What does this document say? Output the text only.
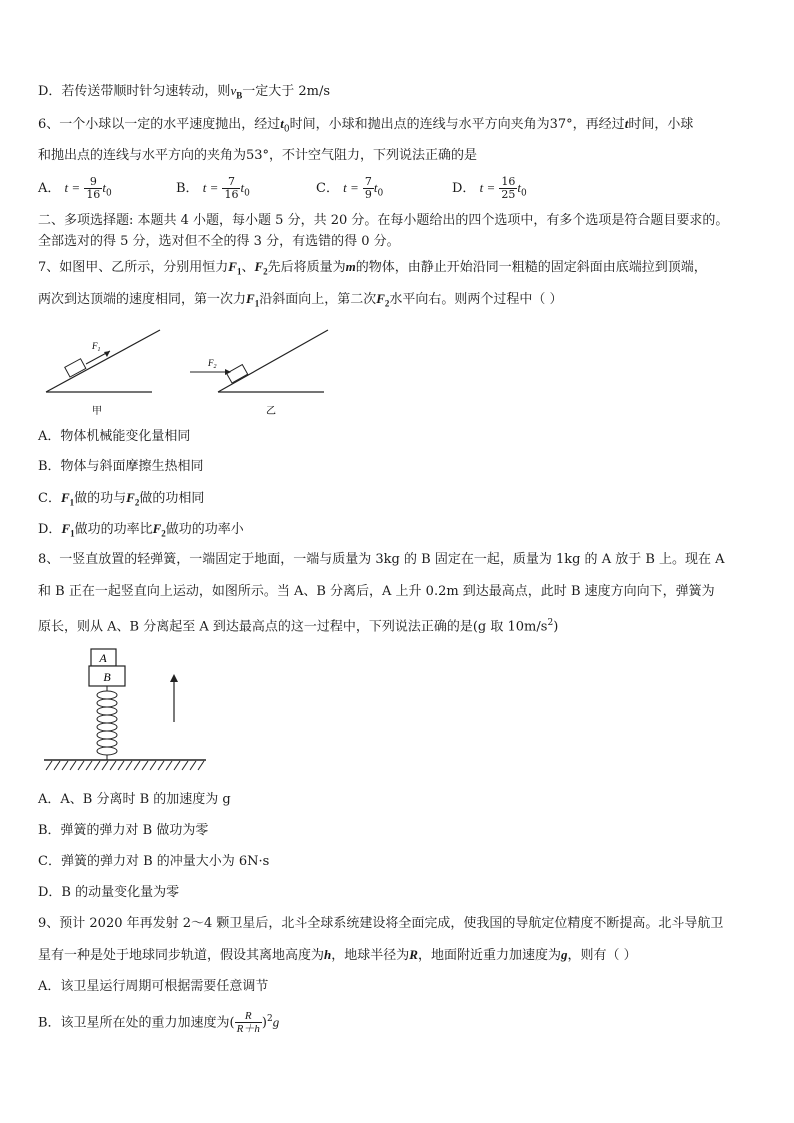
D．若传送带顺时针匀速转动，则$v_B$一定大于 2m/s
6、一个小球以一定的水平速度抛出，经过$t_0$时间，小球和抛出点的连线与水平方向夹角为37°，再经过t时间，小球
和抛出点的连线与水平方向的夹角为53°，不计空气阻力，下列说法正确的是
A． $t = \frac{9}{16} t_0$	B． $t = \frac{7}{16} t_0$	C． $t = \frac{7}{9} t_0$	D． $t = \frac{16}{25} t_0$
二、多项选择题: 本题共 4 小题，每小题 5 分，共 20 分。在每小题给出的四个选项中，有多个选项是符合题目要求的。
全部选对的得 5 分，选对但不全的得 3 分，有选错的得 0 分。
7、如图甲、乙所示，分别用恒力$F_1$、$F_2$先后将质量为m的物体，由静止开始沿同一粗糙的固定斜面由底端拉到顶端，
两次到达顶端的速度相同，第一次力$F_1$沿斜面向上，第二次$F_2$水平向右。则两个过程中（ ）
$F_1$
甲
$F_2$
乙
A．物体机械能变化量相同
B．物体与斜面摩擦生热相同
C．$F_1$做的功与$F_2$做的功相同
D．$F_1$做功的功率比$F_2$做功的功率小
8、一竖直放置的轻弹簧，一端固定于地面，一端与质量为 3kg 的 B 固定在一起，质量为 1kg 的 A 放于 B 上。现在 A
和 B 正在一起竖直向上运动，如图所示。当 A、B 分离后，A 上升 0.2m 到达最高点，此时 B 速度方向向下，弹簧为
原长，则从 A、B 分离起至 A 到达最高点的这一过程中，下列说法正确的是(g 取 $10m/s^2$)
A
B
A．A、B 分离时 B 的加速度为 g
B．弹簧的弹力对 B 做功为零
C．弹簧的弹力对 B 的冲量大小为 6N·s
D．B 的动量变化量为零
9、预计 2020 年再发射 2～4 颗卫星后，北斗全球系统建设将全面完成，使我国的导航定位精度不断提高。北斗导航卫
星有一种是处于地球同步轨道，假设其离地高度为h，地球半径为R，地面附近重力加速度为g，则有（ ）
A．该卫星运行周期可根据需要任意调节
B．该卫星所在处的重力加速度为( $\frac{R}{R+h} )^2g$
